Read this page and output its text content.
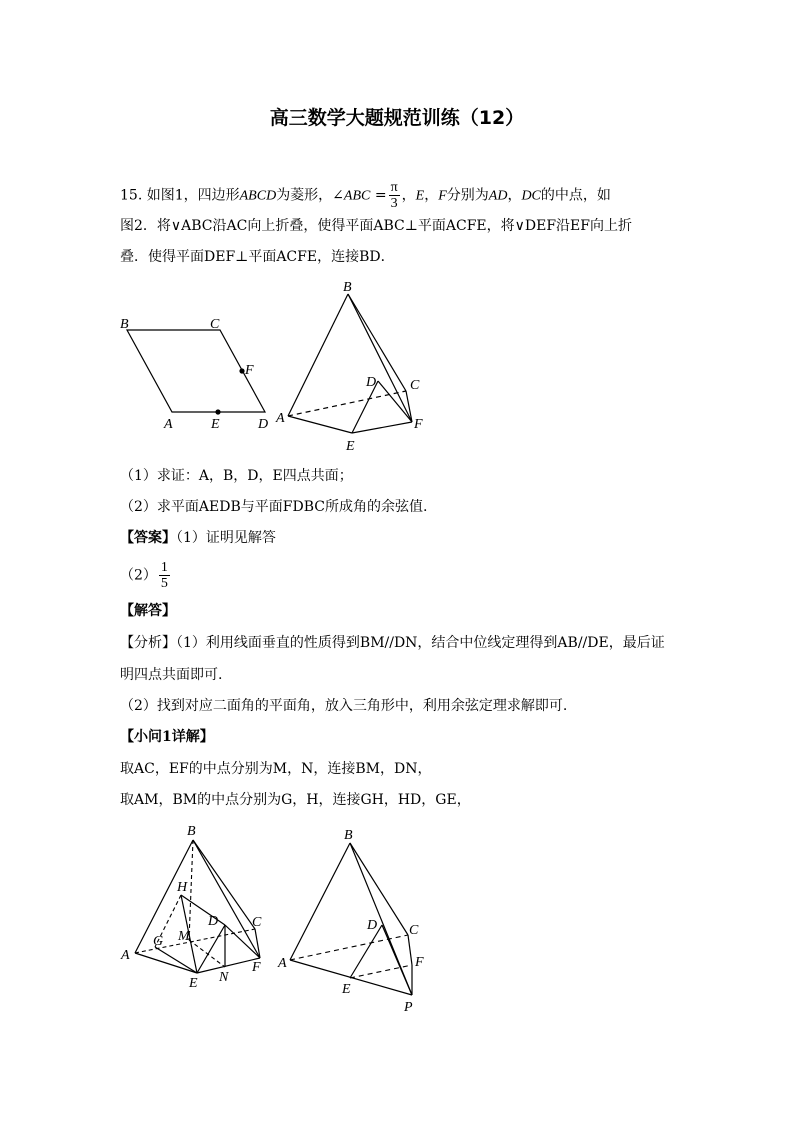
高三数学大题规范训练（12）
15. 如图1，四边形ABCD为菱形，∠ABC = $\frac{\pi}{3}$ ，E，F分别为AD，DC的中点，如
图2．将∨ABC沿AC向上折叠，使得平面ABC⊥平面ACFE，将∨DEF沿EF向上折
叠．使得平面DEF⊥平面ACFE，连接BD．
B	C
F
A	E	D
B
D C
A	F
E
（1）求证：A，B，D，E四点共面；
（2）求平面AEDB与平面FDBC所成角的余弦值.
【答案】（1）证明见解答
$(2) \frac{1}{5}$
【解答】
【分析】（1）利用线面垂直的性质得到BM//DN，结合中位线定理得到AB//DE，最后证
明四点共面即可.
（2）找到对应二面角的平面角，放入三角形中，利用余弦定理求解即可.
【小问1详解】
取AC，EF的中点分别为M，N，连接BM，DN，
取AM，BM的中点分别为G，H，连接GH，HD，GE，
B
H
D C
G M
A
E N
F
B
D C
F
A
E
P
